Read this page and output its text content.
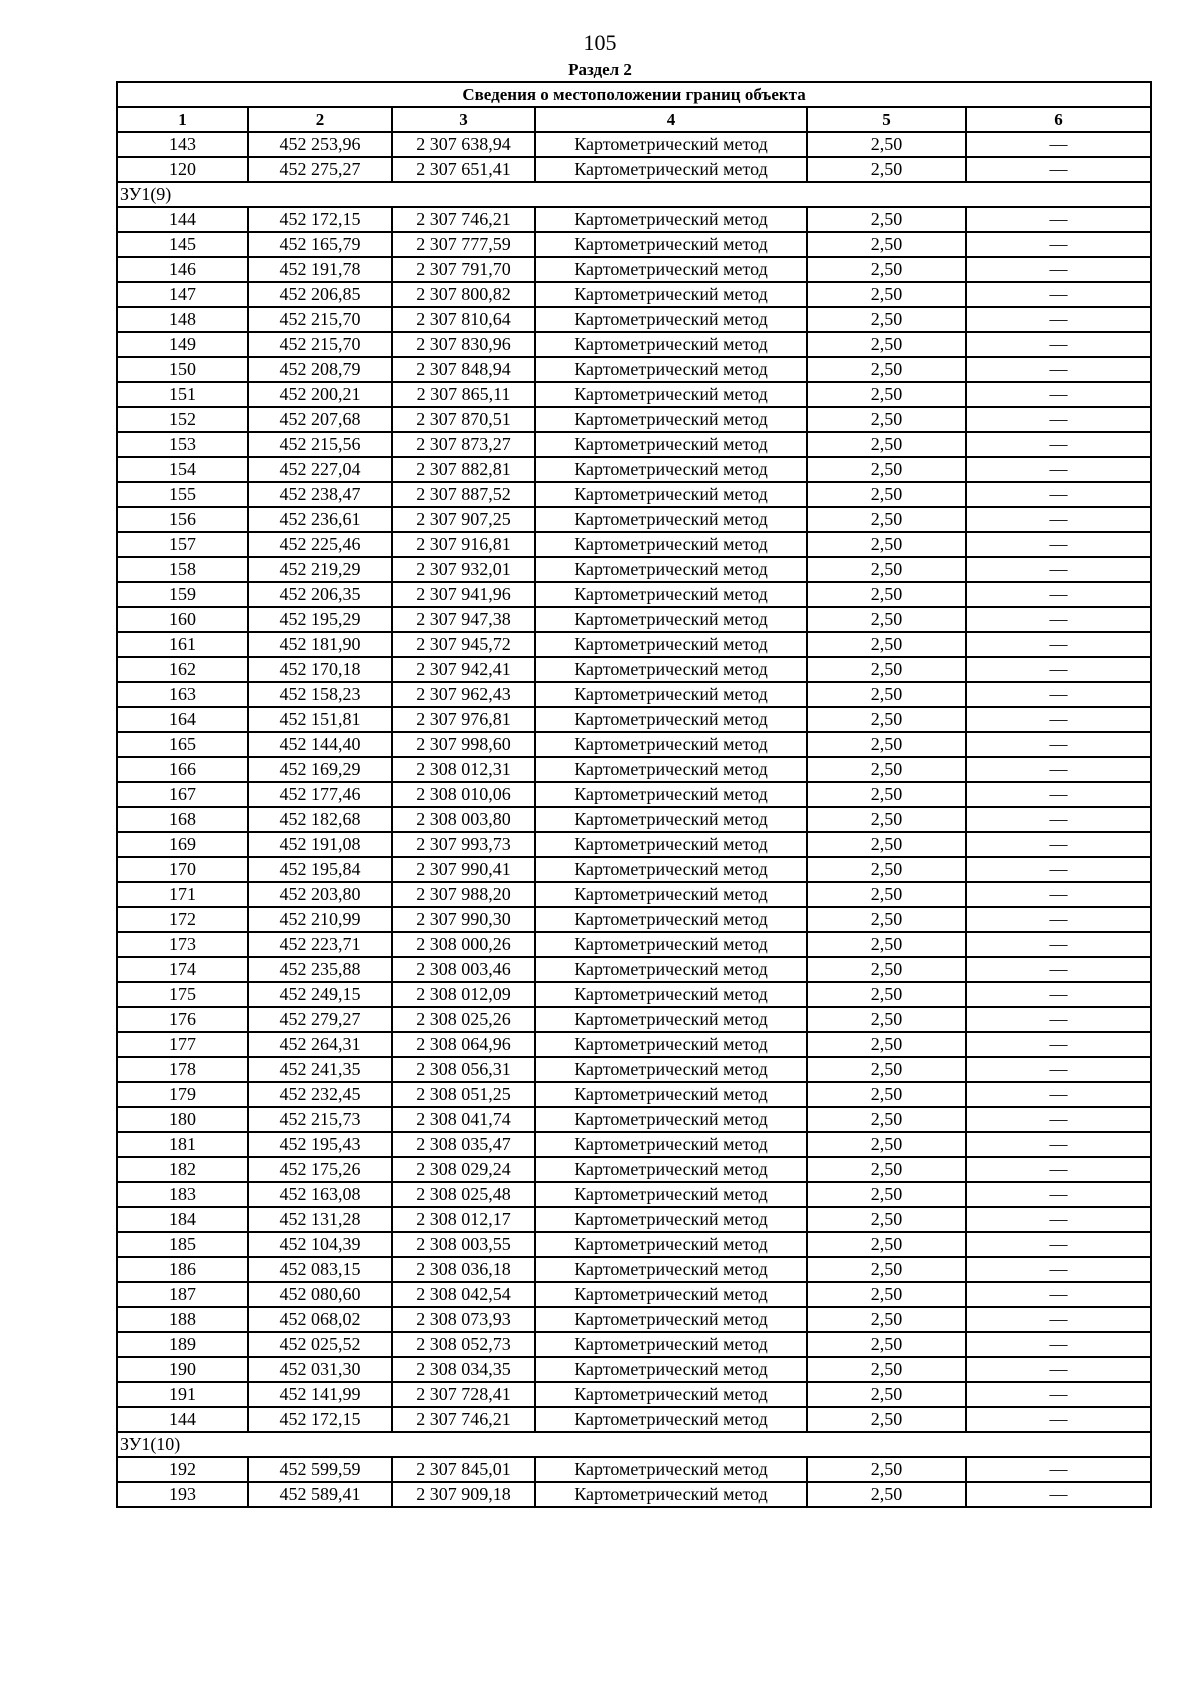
105
Раздел 2
Сведения о местоположении границ объекта					
1	2	3	4	5	6
143	452 253,96	2 307 638,94	Картометрический метод	2,50	—
120	452 275,27	2 307 651,41	Картометрический метод	2,50	—
ЗУ1(9)					
144	452 172,15	2 307 746,21	Картометрический метод	2,50	—
145	452 165,79	2 307 777,59	Картометрический метод	2,50	—
146	452 191,78	2 307 791,70	Картометрический метод	2,50	—
147	452 206,85	2 307 800,82	Картометрический метод	2,50	—
148	452 215,70	2 307 810,64	Картометрический метод	2,50	—
149	452 215,70	2 307 830,96	Картометрический метод	2,50	—
150	452 208,79	2 307 848,94	Картометрический метод	2,50	—
151	452 200,21	2 307 865,11	Картометрический метод	2,50	—
152	452 207,68	2 307 870,51	Картометрический метод	2,50	—
153	452 215,56	2 307 873,27	Картометрический метод	2,50	—
154	452 227,04	2 307 882,81	Картометрический метод	2,50	—
155	452 238,47	2 307 887,52	Картометрический метод	2,50	—
156	452 236,61	2 307 907,25	Картометрический метод	2,50	—
157	452 225,46	2 307 916,81	Картометрический метод	2,50	—
158	452 219,29	2 307 932,01	Картометрический метод	2,50	—
159	452 206,35	2 307 941,96	Картометрический метод	2,50	—
160	452 195,29	2 307 947,38	Картометрический метод	2,50	—
161	452 181,90	2 307 945,72	Картометрический метод	2,50	—
162	452 170,18	2 307 942,41	Картометрический метод	2,50	—
163	452 158,23	2 307 962,43	Картометрический метод	2,50	—
164	452 151,81	2 307 976,81	Картометрический метод	2,50	—
165	452 144,40	2 307 998,60	Картометрический метод	2,50	—
166	452 169,29	2 308 012,31	Картометрический метод	2,50	—
167	452 177,46	2 308 010,06	Картометрический метод	2,50	—
168	452 182,68	2 308 003,80	Картометрический метод	2,50	—
169	452 191,08	2 307 993,73	Картометрический метод	2,50	—
170	452 195,84	2 307 990,41	Картометрический метод	2,50	—
171	452 203,80	2 307 988,20	Картометрический метод	2,50	—
172	452 210,99	2 307 990,30	Картометрический метод	2,50	—
173	452 223,71	2 308 000,26	Картометрический метод	2,50	—
174	452 235,88	2 308 003,46	Картометрический метод	2,50	—
175	452 249,15	2 308 012,09	Картометрический метод	2,50	—
176	452 279,27	2 308 025,26	Картометрический метод	2,50	—
177	452 264,31	2 308 064,96	Картометрический метод	2,50	—
178	452 241,35	2 308 056,31	Картометрический метод	2,50	—
179	452 232,45	2 308 051,25	Картометрический метод	2,50	—
180	452 215,73	2 308 041,74	Картометрический метод	2,50	—
181	452 195,43	2 308 035,47	Картометрический метод	2,50	—
182	452 175,26	2 308 029,24	Картометрический метод	2,50	—
183	452 163,08	2 308 025,48	Картометрический метод	2,50	—
184	452 131,28	2 308 012,17	Картометрический метод	2,50	—
185	452 104,39	2 308 003,55	Картометрический метод	2,50	—
186	452 083,15	2 308 036,18	Картометрический метод	2,50	—
187	452 080,60	2 308 042,54	Картометрический метод	2,50	—
188	452 068,02	2 308 073,93	Картометрический метод	2,50	—
189	452 025,52	2 308 052,73	Картометрический метод	2,50	—
190	452 031,30	2 308 034,35	Картометрический метод	2,50	—
191	452 141,99	2 307 728,41	Картометрический метод	2,50	—
144	452 172,15	2 307 746,21	Картометрический метод	2,50	—
ЗУ1(10)					
192	452 599,59	2 307 845,01	Картометрический метод	2,50	—
193	452 589,41	2 307 909,18	Картометрический метод	2,50	—
